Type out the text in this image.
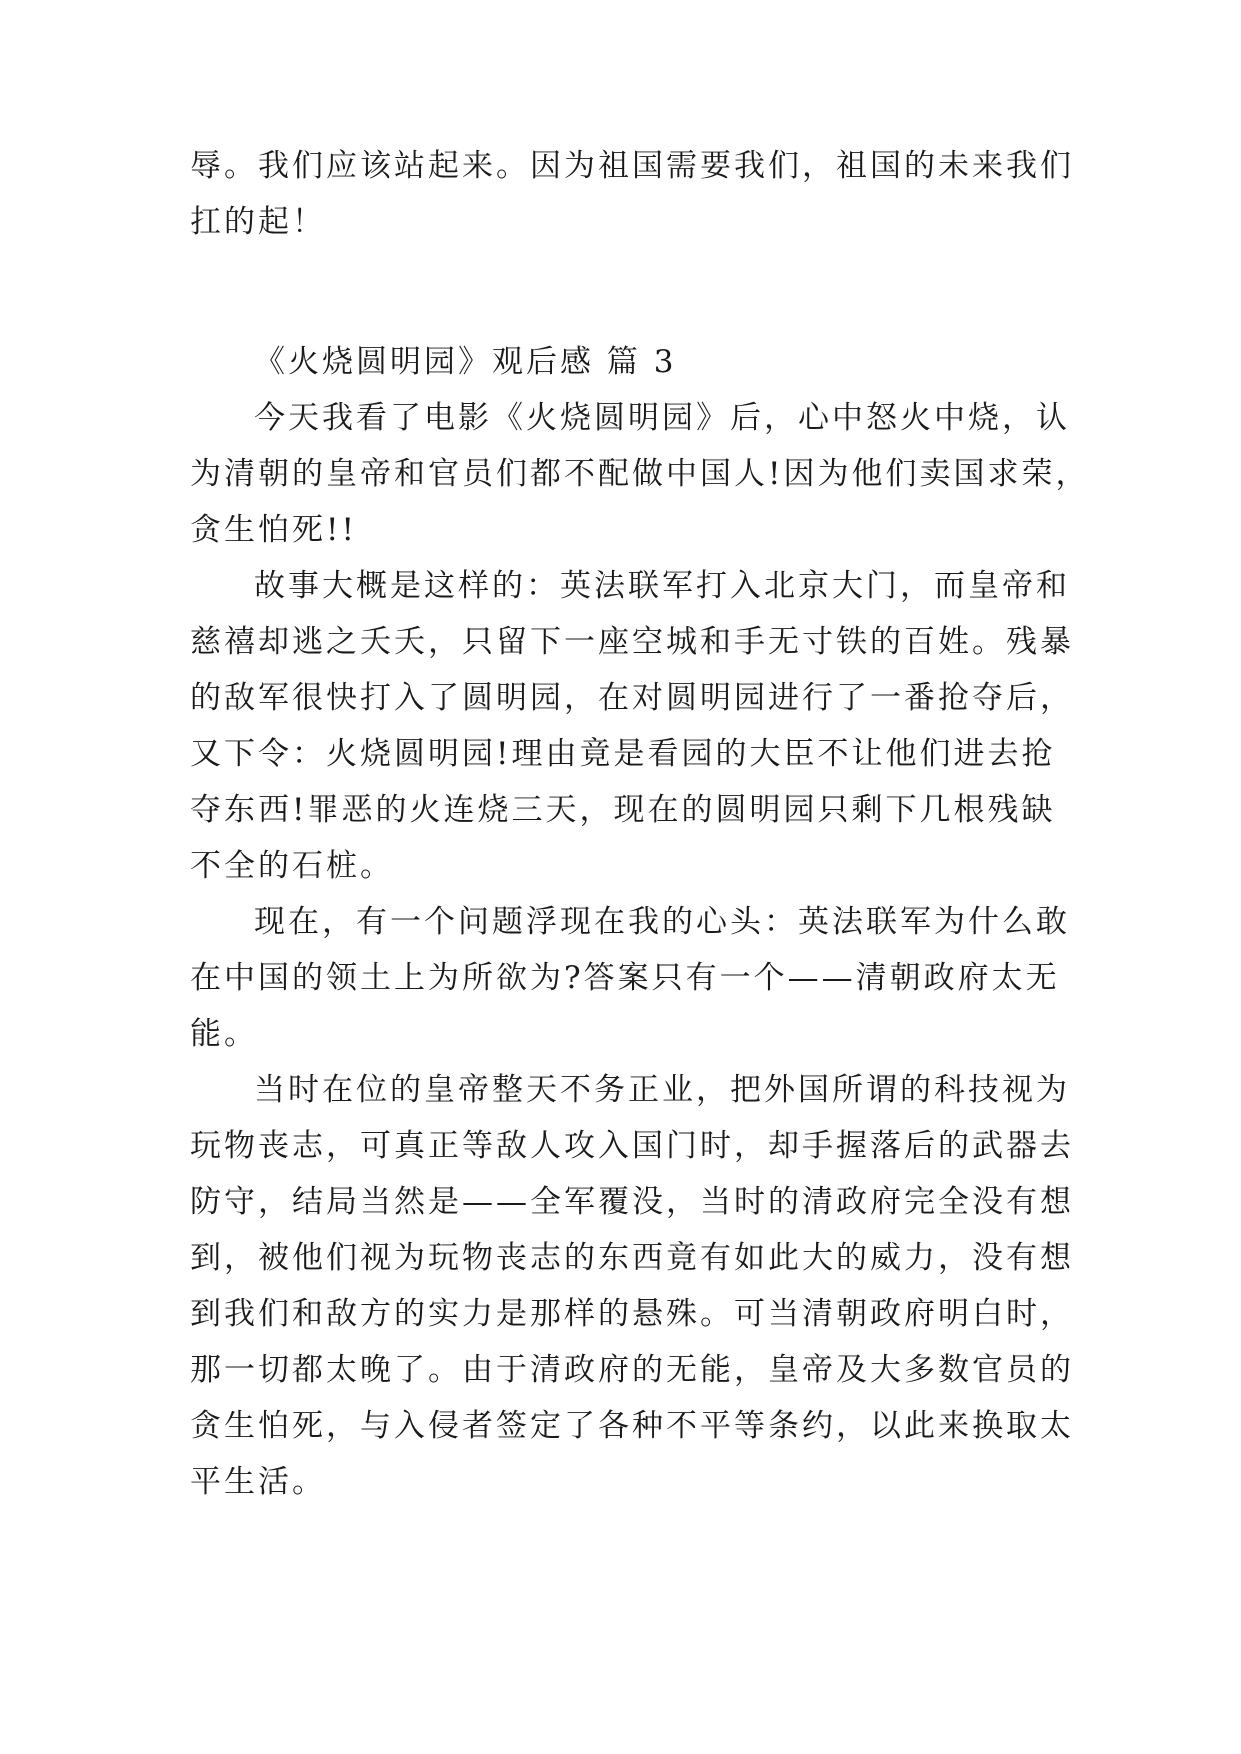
辱。我们应该站起来。因为祖国需要我们，祖国的未来我们
扛的起！
《火烧圆明园》观后感 篇 3
今天我看了电影《火烧圆明园》后，心中怒火中烧，认
为清朝的皇帝和官员们都不配做中国人!因为他们卖国求荣，
贪生怕死!!
故事大概是这样的：英法联军打入北京大门，而皇帝和
慈禧却逃之夭夭，只留下一座空城和手无寸铁的百姓。残暴
的敌军很快打入了圆明园，在对圆明园进行了一番抢夺后，
又下令：火烧圆明园!理由竟是看园的大臣不让他们进去抢
夺东西!罪恶的火连烧三天，现在的圆明园只剩下几根残缺
不全的石桩。
现在，有一个问题浮现在我的心头：英法联军为什么敢
在中国的领土上为所欲为?答案只有一个——清朝政府太无
能。
当时在位的皇帝整天不务正业，把外国所谓的科技视为
玩物丧志，可真正等敌人攻入国门时，却手握落后的武器去
防守，结局当然是——全军覆没，当时的清政府完全没有想
到，被他们视为玩物丧志的东西竟有如此大的威力，没有想
到我们和敌方的实力是那样的悬殊。可当清朝政府明白时，
那一切都太晚了。由于清政府的无能，皇帝及大多数官员的
贪生怕死，与入侵者签定了各种不平等条约，以此来换取太
平生活。
